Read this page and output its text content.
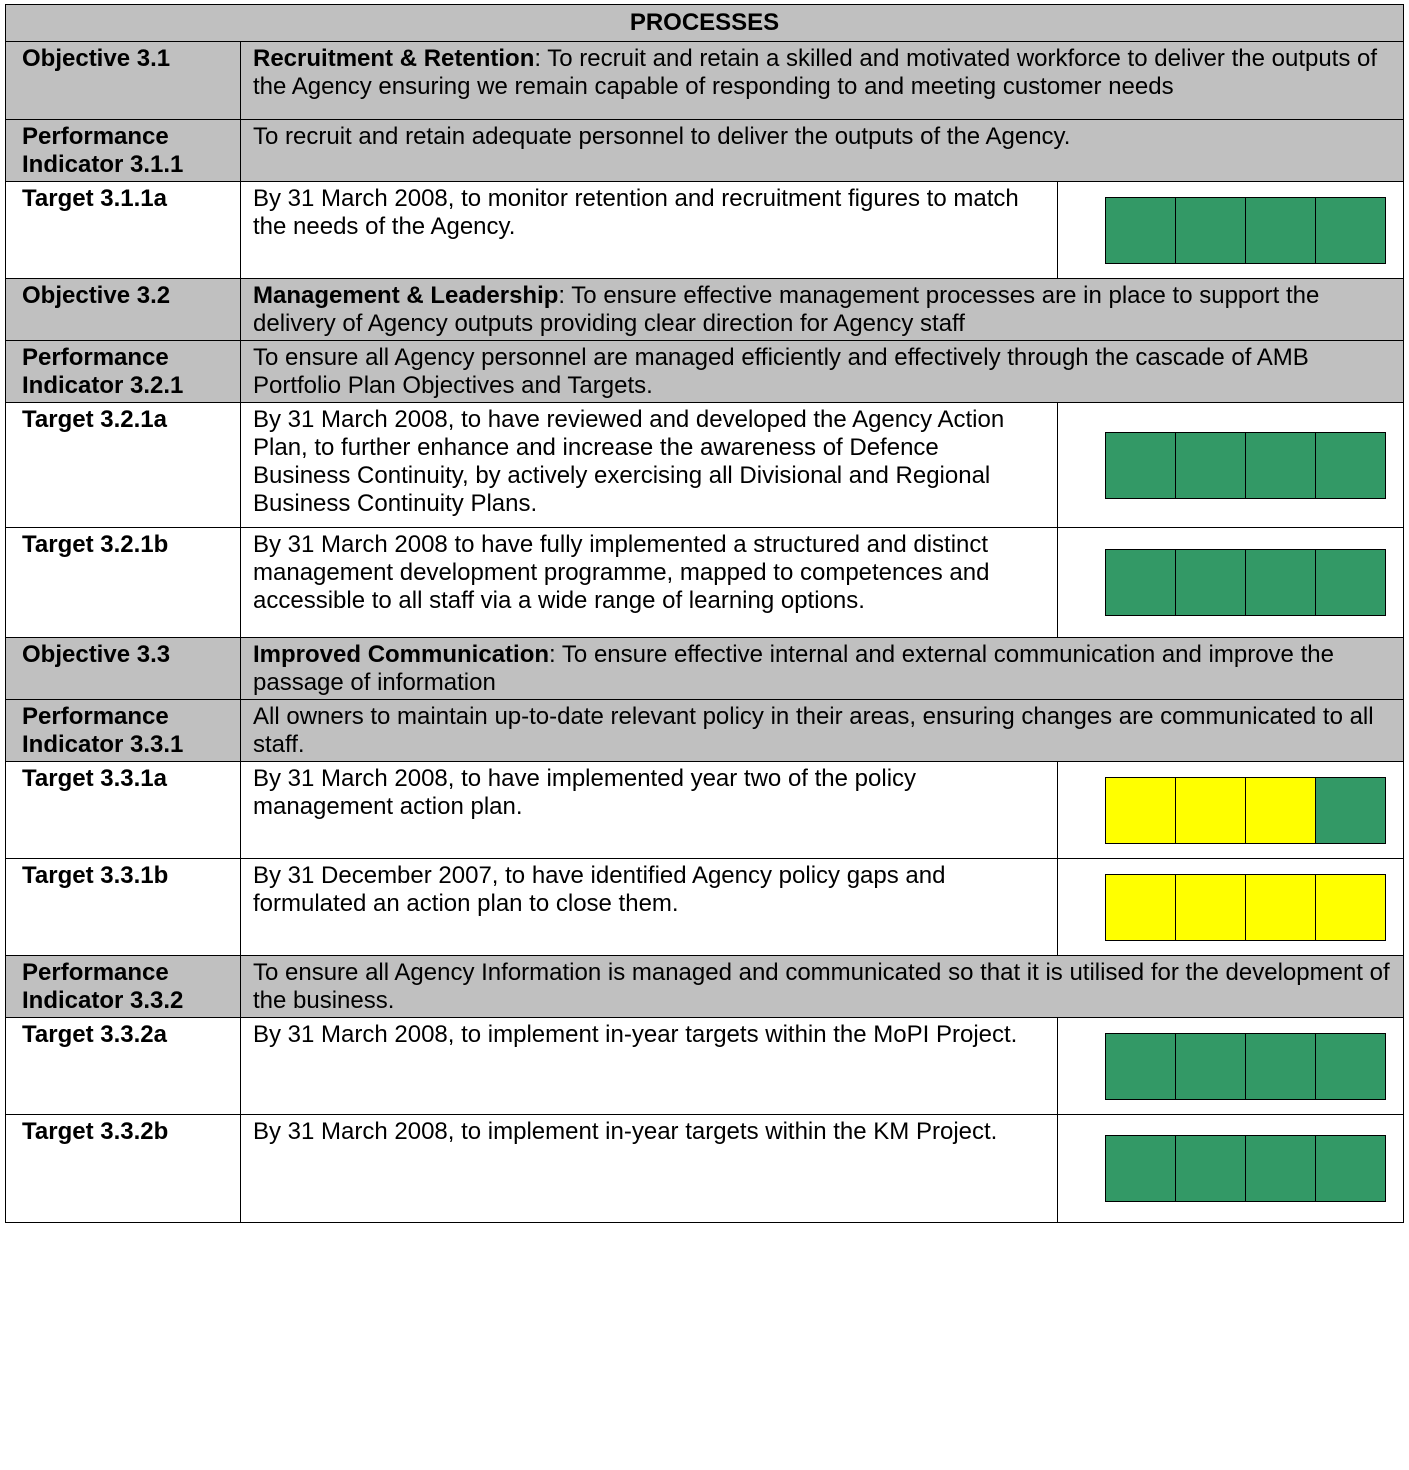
PROCESSES		
Objective 3.1	Recruitment & Retention: To recruit and retain a skilled and motivated workforce to deliver the outputs of the Agency ensuring we remain capable of responding to and meeting customer needs	
Performance Indicator 3.1.1	To recruit and retain adequate personnel to deliver the outputs of the Agency.	
Target 3.1.1a	By 31 March 2008, to monitor retention and recruitment figures to match the needs of the Agency.	

Objective 3.2	Management & Leadership: To ensure effective management processes are in place to support the delivery of Agency outputs providing clear direction for Agency staff	
Performance Indicator 3.2.1	To ensure all Agency personnel are managed efficiently and effectively through the cascade of AMB Portfolio Plan Objectives and Targets.	
Target 3.2.1a	By 31 March 2008, to have reviewed and developed the Agency Action Plan, to further enhance and increase the awareness of Defence Business Continuity, by actively exercising all Divisional and Regional Business Continuity Plans.	

Target 3.2.1b	By 31 March 2008 to have fully implemented a structured and distinct management development programme, mapped to competences and accessible to all staff via a wide range of learning options.	

Objective 3.3	Improved Communication: To ensure effective internal and external communication and improve the passage of information	
Performance Indicator 3.3.1	All owners to maintain up-to-date relevant policy in their areas, ensuring changes are communicated to all staff.	
Target 3.3.1a	By 31 March 2008, to have implemented year two of the policy management action plan.	

Target 3.3.1b	By 31 December 2007, to have identified Agency policy gaps and formulated an action plan to close them.	

Performance Indicator 3.3.2	To ensure all Agency Information is managed and communicated so that it is utilised for the development of the business.	
Target 3.3.2a	By 31 March 2008, to implement in-year targets within the MoPI Project.	

Target 3.3.2b	By 31 March 2008, to implement in-year targets within the KM Project.	
